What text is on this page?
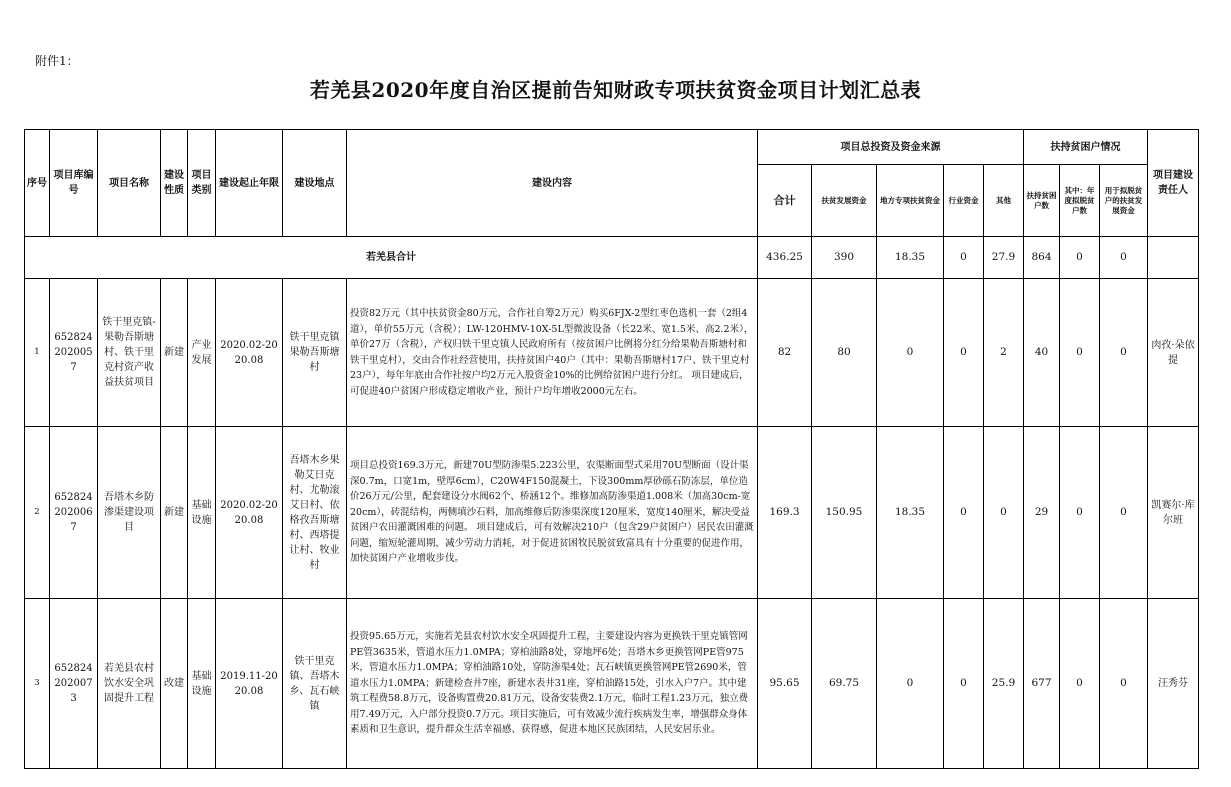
附件1：
若羌县2020年度自治区提前告知财政专项扶贫资金项目计划汇总表
序号	项目库编号	项目名称	建设性质	项目类别	建设起止年限	建设地点	建设内容	项目总投资及资金来源					扶持贫困户情况			项目建设责任人
								合计	扶贫发展资金	地方专项扶贫资金	行业资金	其他	扶持贫困户数	其中：年度拟脱贫户数	用于拟脱贫户的扶贫发展资金	
若羌县合计								436.25	390	18.35	0	27.9	864	0	0	
1	6528242020057	铁干里克镇-果勒吾斯塘村、铁干里克村资产收益扶贫项目	新建	产业发展	2020.02-2020.08	铁干里克镇果勒吾斯塘村	投资82万元（其中扶贫资金80万元，合作社自筹2万元）购买6FJX-2型红枣色选机一套（2组4道），单价55万元（含税）；LW-120HMV-10X-5L型微波设备（长22米、宽1.5米、高2.2米），单价27万（含税），产权归铁干里克镇人民政府所有（按贫困户比例将分红分给果勒吾斯塘村和铁干里克村），交由合作社经营使用，扶持贫困户40户（其中：果勒吾斯塘村17户、铁干里克村23户），每年年底由合作社按户均2万元入股资金10%的比例给贫困户进行分红。 项目建成后，可促进40户贫困户形成稳定增收产业，预计户均年增收2000元左右。	82	80	0	0	2	40	0	0	肉孜·朵依提
2	6528242020067	吾塔木乡防渗渠建设项目	新建	基础设施	2020.02-2020.08	吾塔木乡果勒艾日克村、尤勒滚艾日村、依格孜吾斯塘村、西塔提让村、牧业村	项目总投资169.3万元，新建70U型防渗渠5.223公里，农渠断面型式采用70U型断面（设计渠深0.7m，口宽1m，壁厚6cm），C20W4F150混凝土，下设300mm厚砂砾石防冻层，单位造价26万元/公里，配套建设分水阀62个、桥涵12个。维修加高防渗渠道1.008米（加高30cm-宽20cm），砖混结构，两侧填沙石料，加高维修后防渗渠深度120厘米，宽度140厘米，解决受益贫困户农田灌溉困难的问题。 项目建成后，可有效解决210户（包含29户贫困户）居民农田灌溉问题，缩短轮灌周期，减少劳动力消耗，对于促进贫困牧民脱贫致富具有十分重要的促进作用，加快贫困户产业增收步伐。	169.3	150.95	18.35	0	0	29	0	0	凯赛尔·库尔班
3	6528242020073	若羌县农村饮水安全巩固提升工程	改建	基础设施	2019.11-2020.08	铁干里克镇、吾塔木乡、瓦石峡镇	投资95.65万元，实施若羌县农村饮水安全巩固提升工程，主要建设内容为更换铁干里克镇管网PE管3635米，管道水压力1.0MPA；穿柏油路8处，穿地坪6处；吾塔木乡更换管网PE管975米，管道水压力1.0MPA；穿柏油路10处，穿防渗渠4处；瓦石峡镇更换管网PE管2690米，管道水压力1.0MPA；新建检查井7座，新建水表井31座，穿柏油路15处，引水入户7户。其中建筑工程费58.8万元，设备购置费20.81万元，设备安装费2.1万元，临时工程1.23万元，独立费用7.49万元，入户部分投资0.7万元。项目实施后，可有效减少流行疾病发生率，增强群众身体素质和卫生意识，提升群众生活幸福感、获得感，促进本地区民族团结，人民安居乐业。	95.65	69.75	0	0	25.9	677	0	0	汪秀芬
